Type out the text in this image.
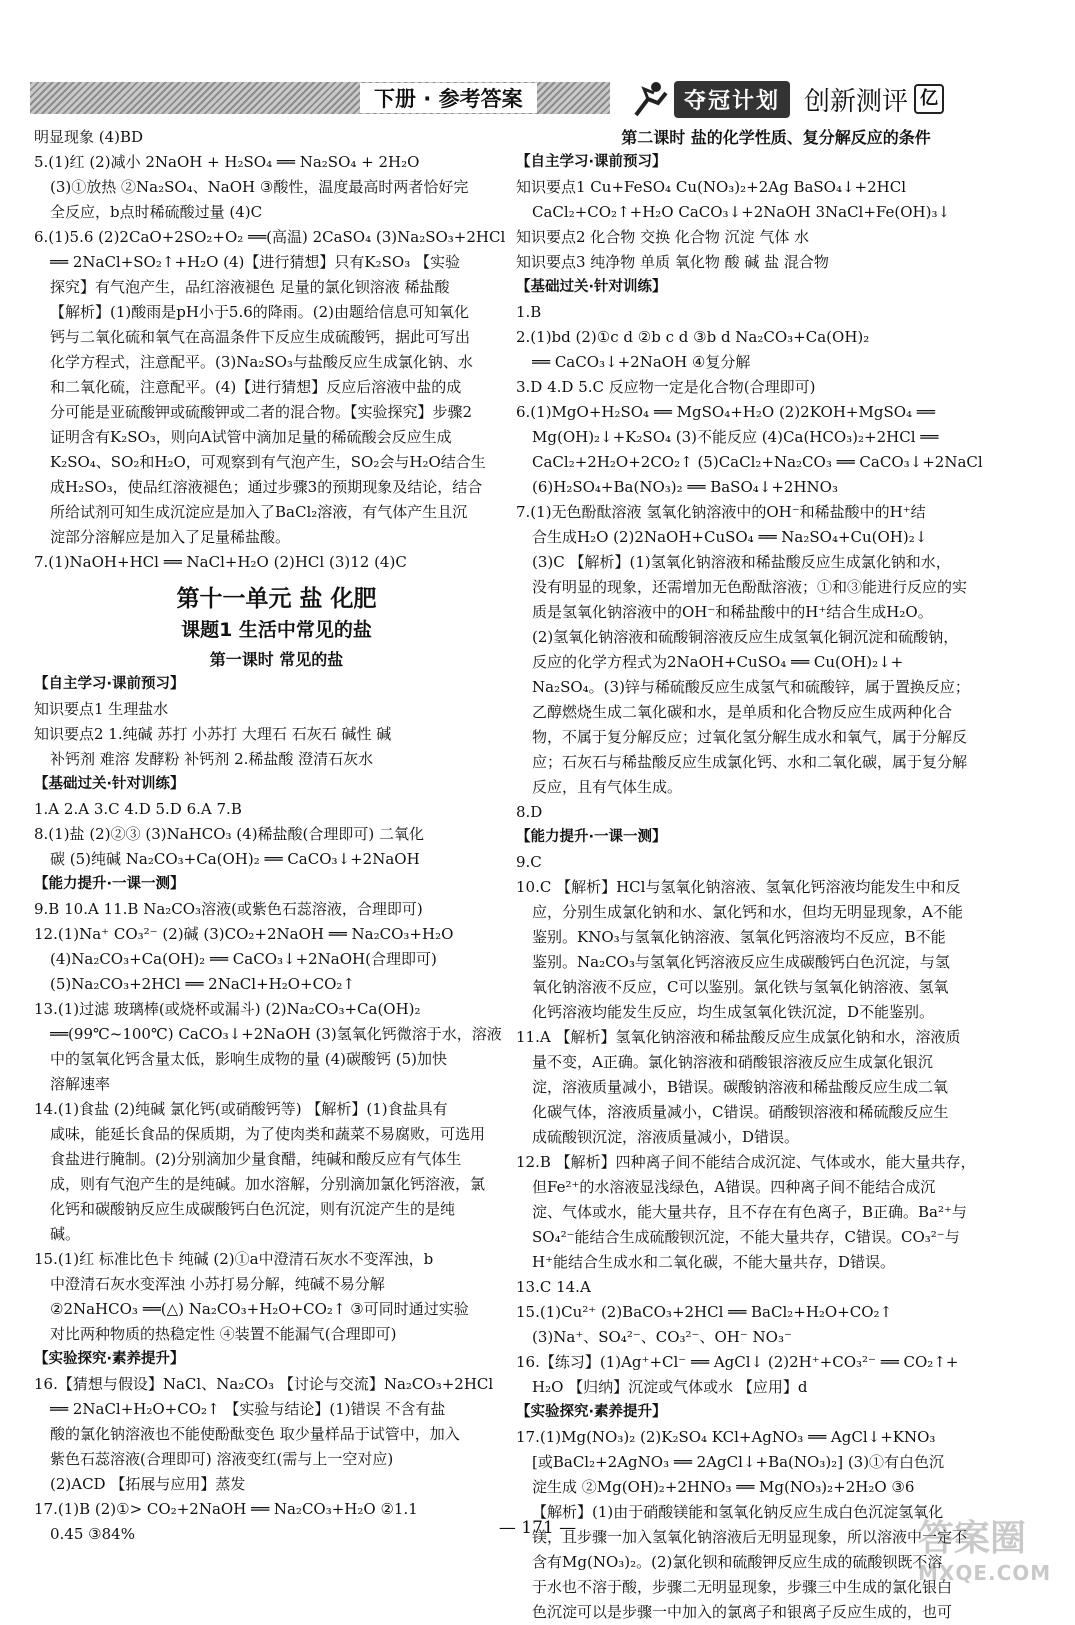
下册 · 参考答案	夺冠计划 创新测评 亿
明显现象 (4)BD
5.(1)红 (2)减小 2NaOH + H₂SO₄ ══ Na₂SO₄ + 2H₂O
(3)①放热 ②Na₂SO₄、NaOH ③酸性，温度最高时两者恰好完
全反应，b点时稀硫酸过量 (4)C
6.(1)5.6 (2)2CaO+2SO₂+O₂ ══(高温) 2CaSO₄ (3)Na₂SO₃+2HCl
══ 2NaCl+SO₂↑+H₂O (4)【进行猜想】只有K₂SO₃ 【实验
探究】有气泡产生，品红溶液褪色 足量的氯化钡溶液 稀盐酸
【解析】(1)酸雨是pH小于5.6的降雨。(2)由题给信息可知氧化
钙与二氧化硫和氧气在高温条件下反应生成硫酸钙，据此可写出
化学方程式，注意配平。(3)Na₂SO₃与盐酸反应生成氯化钠、水
和二氧化硫，注意配平。(4)【进行猜想】反应后溶液中盐的成
分可能是亚硫酸钾或硫酸钾或二者的混合物。【实验探究】步骤2
证明含有K₂SO₃，则向A试管中滴加足量的稀硫酸会反应生成
K₂SO₄、SO₂和H₂O，可观察到有气泡产生，SO₂会与H₂O结合生
成H₂SO₃，使品红溶液褪色；通过步骤3的预期现象及结论，结合
所给试剂可知生成沉淀应是加入了BaCl₂溶液，有气体产生且沉
淀部分溶解应是加入了足量稀盐酸。
7.(1)NaOH+HCl ══ NaCl+H₂O (2)HCl (3)12 (4)C
第十一单元 盐 化肥
课题1 生活中常见的盐
第一课时 常见的盐
【自主学习·课前预习】
知识要点1 生理盐水
知识要点2 1.纯碱 苏打 小苏打 大理石 石灰石 碱性 碱
补钙剂 难溶 发酵粉 补钙剂 2.稀盐酸 澄清石灰水
【基础过关·针对训练】
1.A 2.A 3.C 4.D 5.D 6.A 7.B
8.(1)盐 (2)②③ (3)NaHCO₃ (4)稀盐酸(合理即可) 二氧化
碳 (5)纯碱 Na₂CO₃+Ca(OH)₂ ══ CaCO₃↓+2NaOH
【能力提升·一课一测】
9.B 10.A 11.B Na₂CO₃溶液(或紫色石蕊溶液，合理即可)
12.(1)Na⁺ CO₃²⁻ (2)碱 (3)CO₂+2NaOH ══ Na₂CO₃+H₂O
(4)Na₂CO₃+Ca(OH)₂ ══ CaCO₃↓+2NaOH(合理即可)
(5)Na₂CO₃+2HCl ══ 2NaCl+H₂O+CO₂↑
13.(1)过滤 玻璃棒(或烧杯或漏斗) (2)Na₂CO₃+Ca(OH)₂
══(99℃~100℃) CaCO₃↓+2NaOH (3)氢氧化钙微溶于水，溶液
中的氢氧化钙含量太低，影响生成物的量 (4)碳酸钙 (5)加快
溶解速率
14.(1)食盐 (2)纯碱 氯化钙(或硝酸钙等) 【解析】(1)食盐具有
咸味，能延长食品的保质期，为了使肉类和蔬菜不易腐败，可选用
食盐进行腌制。(2)分别滴加少量食醋，纯碱和酸反应有气体生
成，则有气泡产生的是纯碱。加水溶解，分别滴加氯化钙溶液，氯
化钙和碳酸钠反应生成碳酸钙白色沉淀，则有沉淀产生的是纯
碱。
15.(1)红 标准比色卡 纯碱 (2)①a中澄清石灰水不变浑浊，b
中澄清石灰水变浑浊 小苏打易分解，纯碱不易分解
②2NaHCO₃ ══(△) Na₂CO₃+H₂O+CO₂↑ ③可同时通过实验
对比两种物质的热稳定性 ④装置不能漏气(合理即可)
【实验探究·素养提升】
16.【猜想与假设】NaCl、Na₂CO₃ 【讨论与交流】Na₂CO₃+2HCl
══ 2NaCl+H₂O+CO₂↑ 【实验与结论】(1)错误 不含有盐
酸的氯化钠溶液也不能使酚酞变色 取少量样品于试管中，加入
紫色石蕊溶液(合理即可) 溶液变红(需与上一空对应)
(2)ACD 【拓展与应用】蒸发
17.(1)B (2)①> CO₂+2NaOH ══ Na₂CO₃+H₂O ②1.1
0.45 ③84%
第二课时 盐的化学性质、复分解反应的条件
【自主学习·课前预习】
知识要点1 Cu+FeSO₄ Cu(NO₃)₂+2Ag BaSO₄↓+2HCl
CaCl₂+CO₂↑+H₂O CaCO₃↓+2NaOH 3NaCl+Fe(OH)₃↓
知识要点2 化合物 交换 化合物 沉淀 气体 水
知识要点3 纯净物 单质 氧化物 酸 碱 盐 混合物
【基础过关·针对训练】
1.B
2.(1)bd (2)①c d ②b c d ③b d Na₂CO₃+Ca(OH)₂
══ CaCO₃↓+2NaOH ④复分解
3.D 4.D 5.C 反应物一定是化合物(合理即可)
6.(1)MgO+H₂SO₄ ══ MgSO₄+H₂O (2)2KOH+MgSO₄ ══
Mg(OH)₂↓+K₂SO₄ (3)不能反应 (4)Ca(HCO₃)₂+2HCl ══
CaCl₂+2H₂O+2CO₂↑ (5)CaCl₂+Na₂CO₃ ══ CaCO₃↓+2NaCl
(6)H₂SO₄+Ba(NO₃)₂ ══ BaSO₄↓+2HNO₃
7.(1)无色酚酞溶液 氢氧化钠溶液中的OH⁻和稀盐酸中的H⁺结
合生成H₂O (2)2NaOH+CuSO₄ ══ Na₂SO₄+Cu(OH)₂↓
(3)C 【解析】(1)氢氧化钠溶液和稀盐酸反应生成氯化钠和水，
没有明显的现象，还需增加无色酚酞溶液；①和③能进行反应的实
质是氢氧化钠溶液中的OH⁻和稀盐酸中的H⁺结合生成H₂O。
(2)氢氧化钠溶液和硫酸铜溶液反应生成氢氧化铜沉淀和硫酸钠，
反应的化学方程式为2NaOH+CuSO₄ ══ Cu(OH)₂↓+
Na₂SO₄。(3)锌与稀硫酸反应生成氢气和硫酸锌，属于置换反应；
乙醇燃烧生成二氧化碳和水，是单质和化合物反应生成两种化合
物，不属于复分解反应；过氧化氢分解生成水和氧气，属于分解反
应；石灰石与稀盐酸反应生成氯化钙、水和二氧化碳，属于复分解
反应，且有气体生成。
8.D
【能力提升·一课一测】
9.C
10.C 【解析】HCl与氢氧化钠溶液、氢氧化钙溶液均能发生中和反
应，分别生成氯化钠和水、氯化钙和水，但均无明显现象，A不能
鉴别。KNO₃与氢氧化钠溶液、氢氧化钙溶液均不反应，B不能
鉴别。Na₂CO₃与氢氧化钙溶液反应生成碳酸钙白色沉淀，与氢
氧化钠溶液不反应，C可以鉴别。氯化铁与氢氧化钠溶液、氢氧
化钙溶液均能发生反应，均生成氢氧化铁沉淀，D不能鉴别。
11.A 【解析】氢氧化钠溶液和稀盐酸反应生成氯化钠和水，溶液质
量不变，A正确。氯化钠溶液和硝酸银溶液反应生成氯化银沉
淀，溶液质量减小，B错误。碳酸钠溶液和稀盐酸反应生成二氧
化碳气体，溶液质量减小，C错误。硝酸钡溶液和稀硫酸反应生
成硫酸钡沉淀，溶液质量减小，D错误。
12.B 【解析】四种离子间不能结合成沉淀、气体或水，能大量共存，
但Fe²⁺的水溶液显浅绿色，A错误。四种离子间不能结合成沉
淀、气体或水，能大量共存，且不存在有色离子，B正确。Ba²⁺与
SO₄²⁻能结合生成硫酸钡沉淀，不能大量共存，C错误。CO₃²⁻与
H⁺能结合生成水和二氧化碳，不能大量共存，D错误。
13.C 14.A
15.(1)Cu²⁺ (2)BaCO₃+2HCl ══ BaCl₂+H₂O+CO₂↑
(3)Na⁺、SO₄²⁻、CO₃²⁻、OH⁻ NO₃⁻
16.【练习】(1)Ag⁺+Cl⁻ ══ AgCl↓ (2)2H⁺+CO₃²⁻ ══ CO₂↑+
H₂O 【归纳】沉淀或气体或水 【应用】d
【实验探究·素养提升】
17.(1)Mg(NO₃)₂ (2)K₂SO₄ KCl+AgNO₃ ══ AgCl↓+KNO₃
[或BaCl₂+2AgNO₃ ══ 2AgCl↓+Ba(NO₃)₂] (3)①有白色沉
淀生成 ②Mg(OH)₂+2HNO₃ ══ Mg(NO₃)₂+2H₂O ③6
【解析】(1)由于硝酸镁能和氢氧化钠反应生成白色沉淀氢氧化
镁，且步骤一加入氢氧化钠溶液后无明显现象，所以溶液中一定不
含有Mg(NO₃)₂。(2)氯化钡和硫酸钾反应生成的硫酸钡既不溶
于水也不溶于酸，步骤二无明显现象，步骤三中生成的氯化银白
色沉淀可以是步骤一中加入的氯离子和银离子反应生成的，也可
— 171 —	答案圈
MXQE.COM
